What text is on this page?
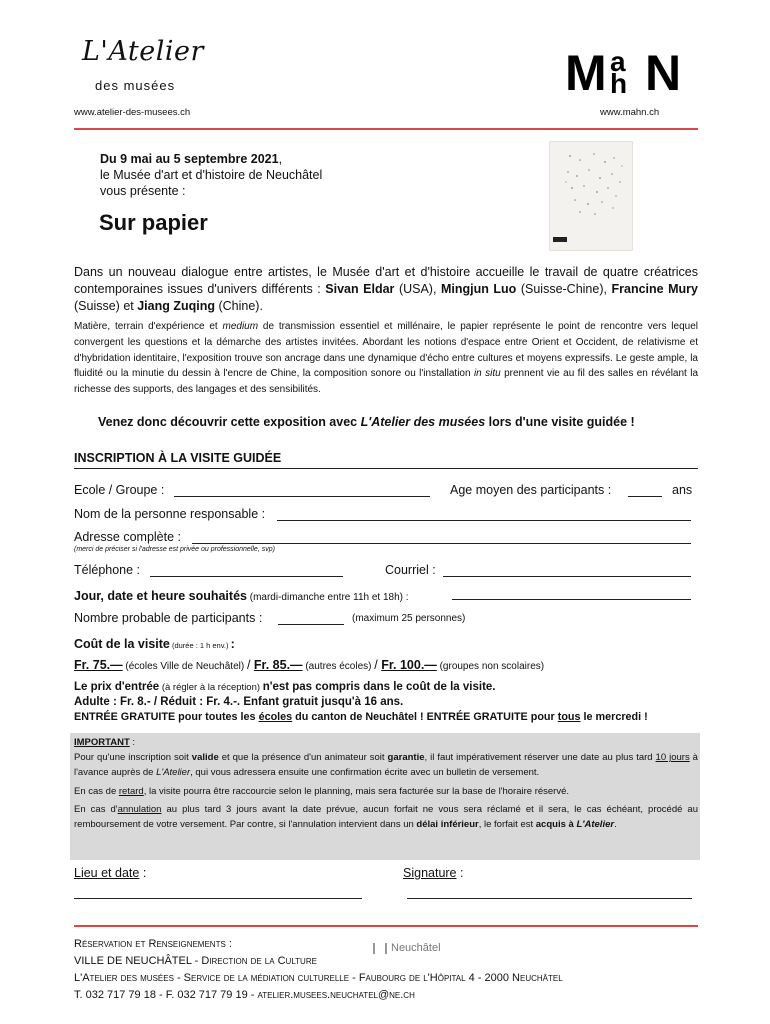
L'Atelier
des musées
www.atelier-des-musees.ch
M a
h N
www.mahn.ch
Du 9 mai au 5 septembre 2021,
le Musée d'art et d'histoire de Neuchâtel
vous présente :
Sur papier
Dans un nouveau dialogue entre artistes, le Musée d'art et d'histoire accueille le travail de quatre créatrices contemporaines issues d'univers différents : Sivan Eldar (USA), Mingjun Luo (Suisse-Chine), Francine Mury (Suisse) et Jiang Zuqing (Chine).
Matière, terrain d'expérience et medium de transmission essentiel et millénaire, le papier représente le point de rencontre vers lequel convergent les questions et la démarche des artistes invitées. Abordant les notions d'espace entre Orient et Occident, de relativisme et d'hybridation identitaire, l'exposition trouve son ancrage dans une dynamique d'écho entre cultures et moyens expressifs. Le geste ample, la fluidité ou la minutie du dessin à l'encre de Chine, la composition sonore ou l'installation in situ prennent vie au fil des salles en révélant la richesse des supports, des langages et des sensibilités.
Venez donc découvrir cette exposition avec L'Atelier des musées lors d'une visite guidée !
INSCRIPTION À LA VISITE GUIDÉE
Ecole / Groupe :	Age moyen des participants :	ans
Nom de la personne responsable :
Adresse complète :
(merci de préciser si l'adresse est privée ou professionnelle, svp)
Téléphone :	Courriel :
Jour, date et heure souhaités (mardi-dimanche entre 11h et 18h) :
Nombre probable de participants :	(maximum 25 personnes)
Coût de la visite (durée : 1 h env.) :
Fr. 75.— (écoles Ville de Neuchâtel) / Fr. 85.— (autres écoles) / Fr. 100.— (groupes non scolaires)
Le prix d'entrée (à régler à la réception) n'est pas compris dans le coût de la visite.
Adulte : Fr. 8.- / Réduit : Fr. 4.-. Enfant gratuit jusqu'à 16 ans.
ENTRÉE GRATUITE pour toutes les écoles du canton de Neuchâtel ! ENTRÉE GRATUITE pour tous le mercredi !
IMPORTANT :
Pour qu'une inscription soit valide et que la présence d'un animateur soit garantie, il faut impérativement réserver une date au plus tard 10 jours à l'avance auprès de L'Atelier, qui vous adressera ensuite une confirmation écrite avec un bulletin de versement.
En cas de retard, la visite pourra être raccourcie selon le planning, mais sera facturée sur la base de l'horaire réservé.
En cas d'annulation au plus tard 3 jours avant la date prévue, aucun forfait ne vous sera réclamé et il sera, le cas échéant, procédé au remboursement de votre versement. Par contre, si l'annulation intervient dans un délai inférieur, le forfait est acquis à L'Atelier.
Lieu et date :	Signature :
Réservation et Renseignements :
VILLE DE NEUCHÂTEL - Direction de la Culture
L'Atelier des musées - Service de la médiation culturelle - Faubourg de l'Hôpital 4 - 2000 Neuchâtel
T. 032 717 79 18 - F. 032 717 79 19 - atelier.musees.neuchatel@ne.ch
Neuchâtel
